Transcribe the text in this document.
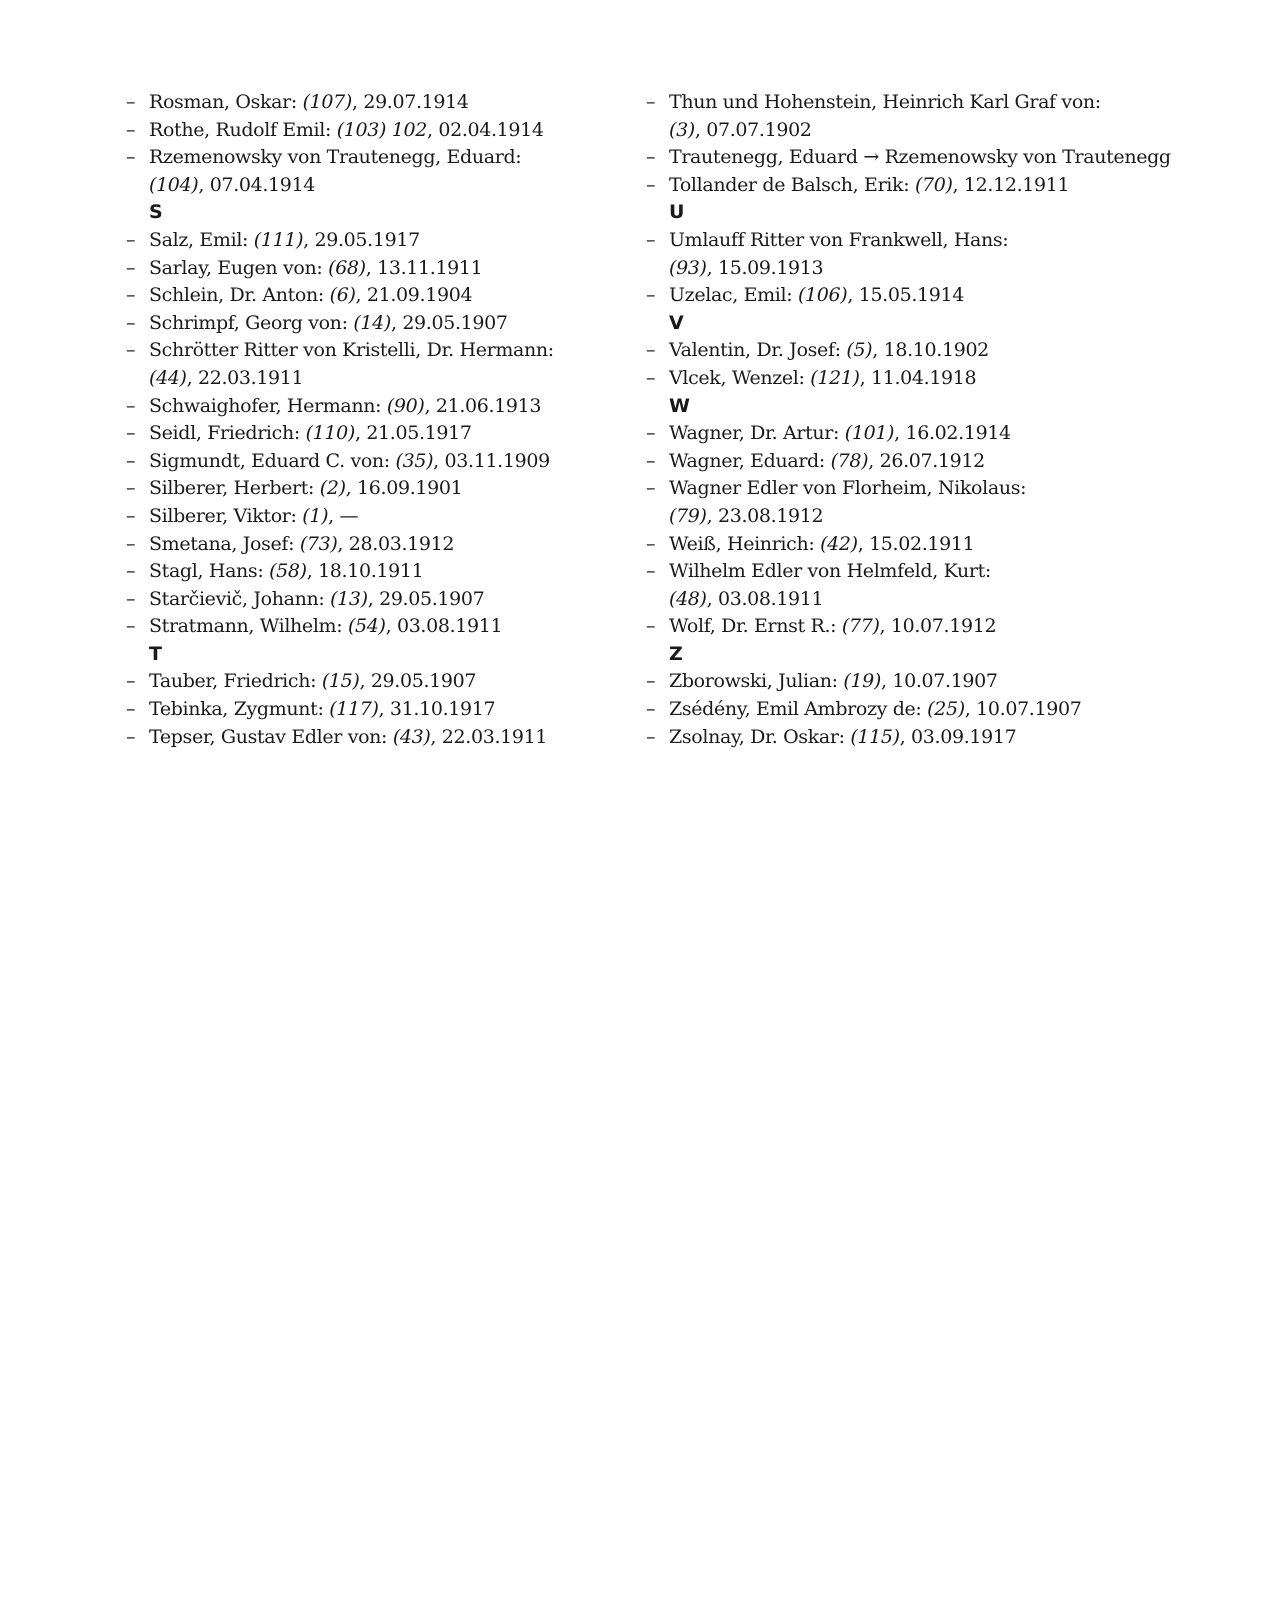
– Rosman, Oskar: (107), 29.07.1914
– Rothe, Rudolf Emil: (103) 102, 02.04.1914
– Rzemenowsky von Trautenegg, Eduard:
(104), 07.04.1914
S
– Salz, Emil: (111), 29.05.1917
– Sarlay, Eugen von: (68), 13.11.1911
– Schlein, Dr. Anton: (6), 21.09.1904
– Schrimpf, Georg von: (14), 29.05.1907
– Schrötter Ritter von Kristelli, Dr. Hermann:
(44), 22.03.1911
– Schwaighofer, Hermann: (90), 21.06.1913
– Seidl, Friedrich: (110), 21.05.1917
– Sigmundt, Eduard C. von: (35), 03.11.1909
– Silberer, Herbert: (2), 16.09.1901
– Silberer, Viktor: (1), —
– Smetana, Josef: (73), 28.03.1912
– Stagl, Hans: (58), 18.10.1911
– Starčievič, Johann: (13), 29.05.1907
– Stratmann, Wilhelm: (54), 03.08.1911
T
– Tauber, Friedrich: (15), 29.05.1907
– Tebinka, Zygmunt: (117), 31.10.1917
– Tepser, Gustav Edler von: (43), 22.03.1911
– Thun und Hohenstein, Heinrich Karl Graf von:
(3), 07.07.1902
– Trautenegg, Eduard → Rzemenowsky von Trautenegg
– Tollander de Balsch, Erik: (70), 12.12.1911
U
– Umlauff Ritter von Frankwell, Hans:
(93), 15.09.1913
– Uzelac, Emil: (106), 15.05.1914
V
– Valentin, Dr. Josef: (5), 18.10.1902
– Vlcek, Wenzel: (121), 11.04.1918
W
– Wagner, Dr. Artur: (101), 16.02.1914
– Wagner, Eduard: (78), 26.07.1912
– Wagner Edler von Florheim, Nikolaus:
(79), 23.08.1912
– Weiß, Heinrich: (42), 15.02.1911
– Wilhelm Edler von Helmfeld, Kurt:
(48), 03.08.1911
– Wolf, Dr. Ernst R.: (77), 10.07.1912
Z
– Zborowski, Julian: (19), 10.07.1907
– Zsédény, Emil Ambrozy de: (25), 10.07.1907
– Zsolnay, Dr. Oskar: (115), 03.09.1917
